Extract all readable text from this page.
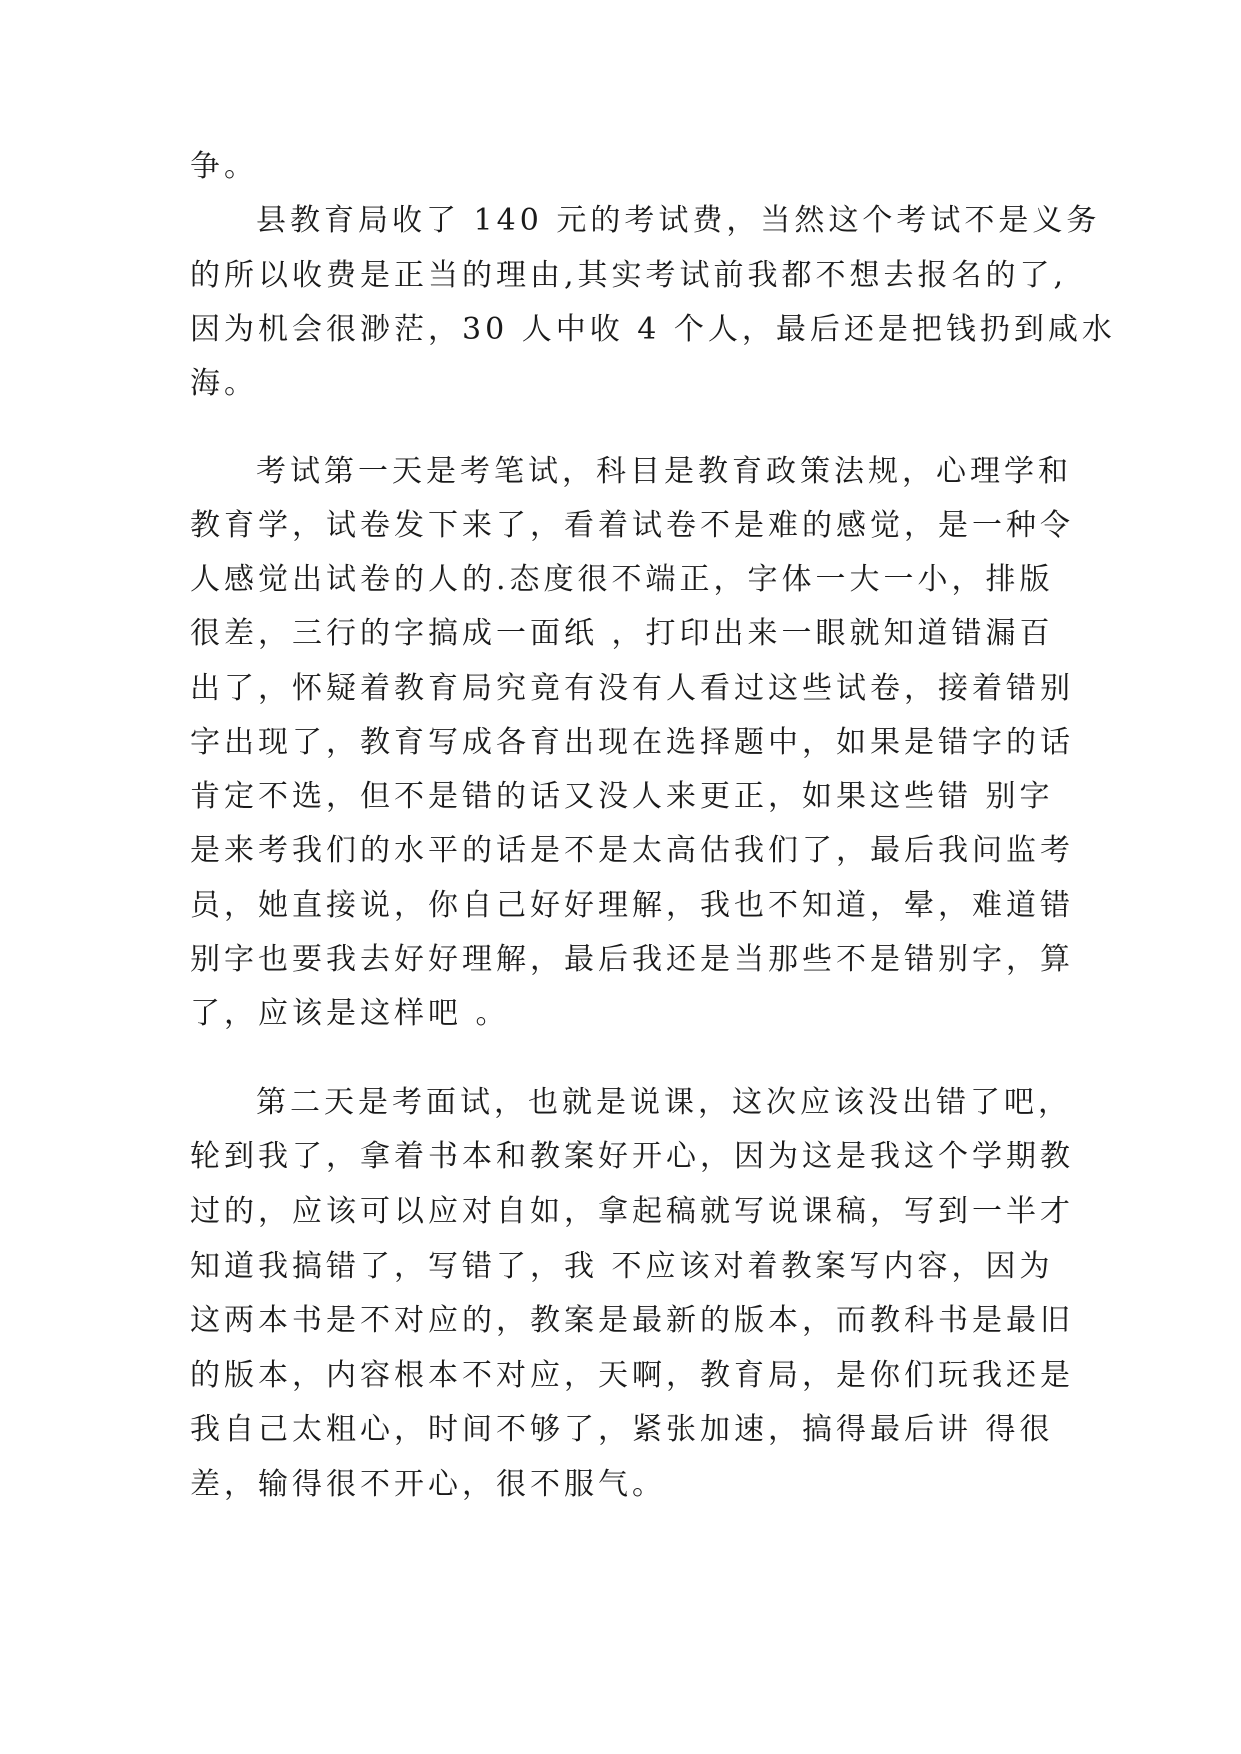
争。
县教育局收了 140 元的考试费，当然这个考试不是义务
的所以收费是正当的理由,其实考试前我都不想去报名的了,
因为机会很渺茫，30 人中收 4 个人，最后还是把钱扔到咸水
海。
考试第一天是考笔试，科目是教育政策法规，心理学和
教育学，试卷发下来了，看着试卷不是难的感觉，是一种令
人感觉出试卷的人的.态度很不端正，字体一大一小，排版
很差，三行的字搞成一面纸 ，打印出来一眼就知道错漏百
出了，怀疑着教育局究竟有没有人看过这些试卷，接着错别
字出现了，教育写成各育出现在选择题中，如果是错字的话
肯定不选，但不是错的话又没人来更正，如果这些错 别字
是来考我们的水平的话是不是太高估我们了，最后我问监考
员，她直接说，你自己好好理解，我也不知道，晕，难道错
别字也要我去好好理解，最后我还是当那些不是错别字，算
了，应该是这样吧 。
第二天是考面试，也就是说课，这次应该没出错了吧，
轮到我了，拿着书本和教案好开心，因为这是我这个学期教
过的，应该可以应对自如，拿起稿就写说课稿，写到一半才
知道我搞错了，写错了，我 不应该对着教案写内容，因为
这两本书是不对应的，教案是最新的版本，而教科书是最旧
的版本，内容根本不对应，天啊，教育局，是你们玩我还是
我自己太粗心，时间不够了，紧张加速，搞得最后讲 得很
差，输得很不开心，很不服气。
